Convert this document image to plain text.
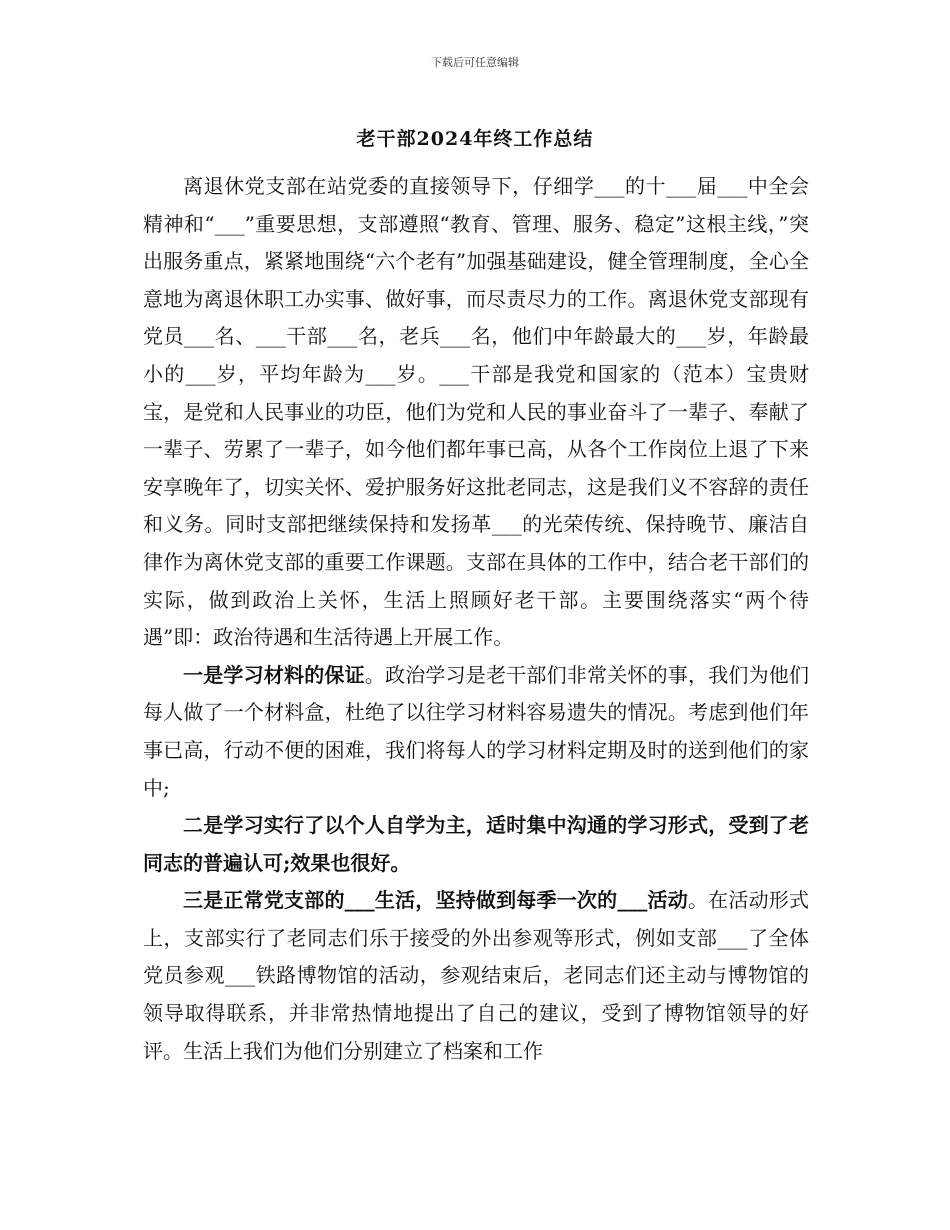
下载后可任意编辑
老干部2024年终工作总结

离退休党支部在站党委的直接领导下，仔细学___的十___届___中全会精神和“___”重要思想，支部遵照“教育、管理、服务、稳定”这根主线，”突出服务重点，紧紧地围绕“六个老有”加强基础建设，健全管理制度，全心全意地为离退休职工办实事、做好事，而尽责尽力的工作。离退休党支部现有党员___名、___干部___名，老兵___名，他们中年龄最大的___岁，年龄最小的___岁，平均年龄为___岁。___干部是我党和国家的（范本）宝贵财宝，是党和人民事业的功臣，他们为党和人民的事业奋斗了一辈子、奉献了一辈子、劳累了一辈子，如今他们都年事已高，从各个工作岗位上退了下来安享晚年了，切实关怀、爱护服务好这批老同志，这是我们义不容辞的责任和义务。同时支部把继续保持和发扬革___的光荣传统、保持晚节、廉洁自律作为离休党支部的重要工作课题。支部在具体的工作中，结合老干部们的实际，做到政治上关怀，生活上照顾好老干部。主要围绕落实“两个待遇”即：政治待遇和生活待遇上开展工作。

一是学习材料的保证。政治学习是老干部们非常关怀的事，我们为他们每人做了一个材料盒，杜绝了以往学习材料容易遗失的情况。考虑到他们年事已高，行动不便的困难，我们将每人的学习材料定期及时的送到他们的家中;

二是学习实行了以个人自学为主，适时集中沟通的学习形式，受到了老同志的普遍认可;效果也很好。

三是正常党支部的___生活，坚持做到每季一次的___活动。在活动形式上，支部实行了老同志们乐于接受的外出参观等形式，例如支部___了全体党员参观___铁路博物馆的活动，参观结束后，老同志们还主动与博物馆的领导取得联系，并非常热情地提出了自己的建议，受到了博物馆领导的好评。生活上我们为他们分别建立了档案和工作
